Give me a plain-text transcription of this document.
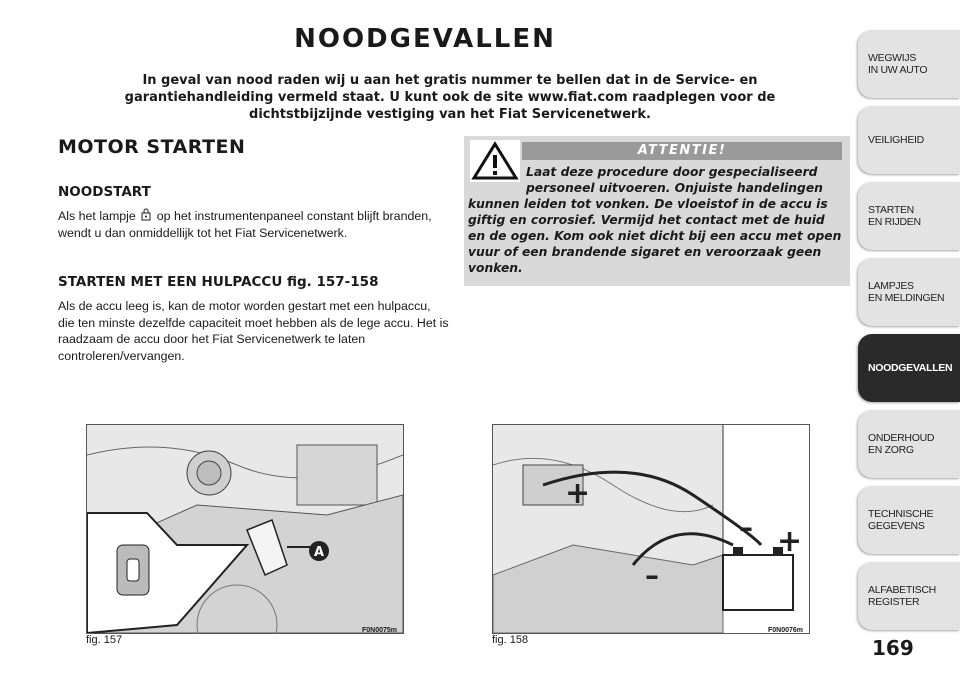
NOODGEVALLEN
In geval van nood raden wij u aan het gratis nummer te bellen dat in de Service- en garantiehandleiding vermeld staat. U kunt ook de site www.fiat.com raadplegen voor de dichtstbijzijnde vestiging van het Fiat Servicenetwerk.
MOTOR STARTEN
NOODSTART
Als het lampje op het instrumentenpaneel constant blijft branden, wendt u dan onmiddellijk tot het Fiat Servicenetwerk.
STARTEN MET EEN HULPACCU fig. 157-158
Als de accu leeg is, kan de motor worden gestart met een hulpaccu, die ten minste dezelfde capaciteit moet hebben als de lege accu. Het is raadzaam de accu door het Fiat Servicenetwerk te laten controleren/vervangen.
ATTENTIE!
Laat deze procedure door gespecialiseerd
personeel uitvoeren. Onjuiste handelingen
kunnen leiden tot vonken. De vloeistof in de accu is giftig en corrosief. Vermijd het contact met de huid en de ogen. Kom ook niet dicht bij een accu met open vuur of een brandende sigaret en veroorzaak geen vonken.
A
fig. 157
F0N0075m
+
+
–
–
fig. 158
F0N0076m
WEGWIJS
IN UW AUTO
VEILIGHEID
STARTEN
EN RIJDEN
LAMPJES
EN MELDINGEN
NOODGEVALLEN
ONDERHOUD
EN ZORG
TECHNISCHE
GEGEVENS
ALFABETISCH
REGISTER
169
